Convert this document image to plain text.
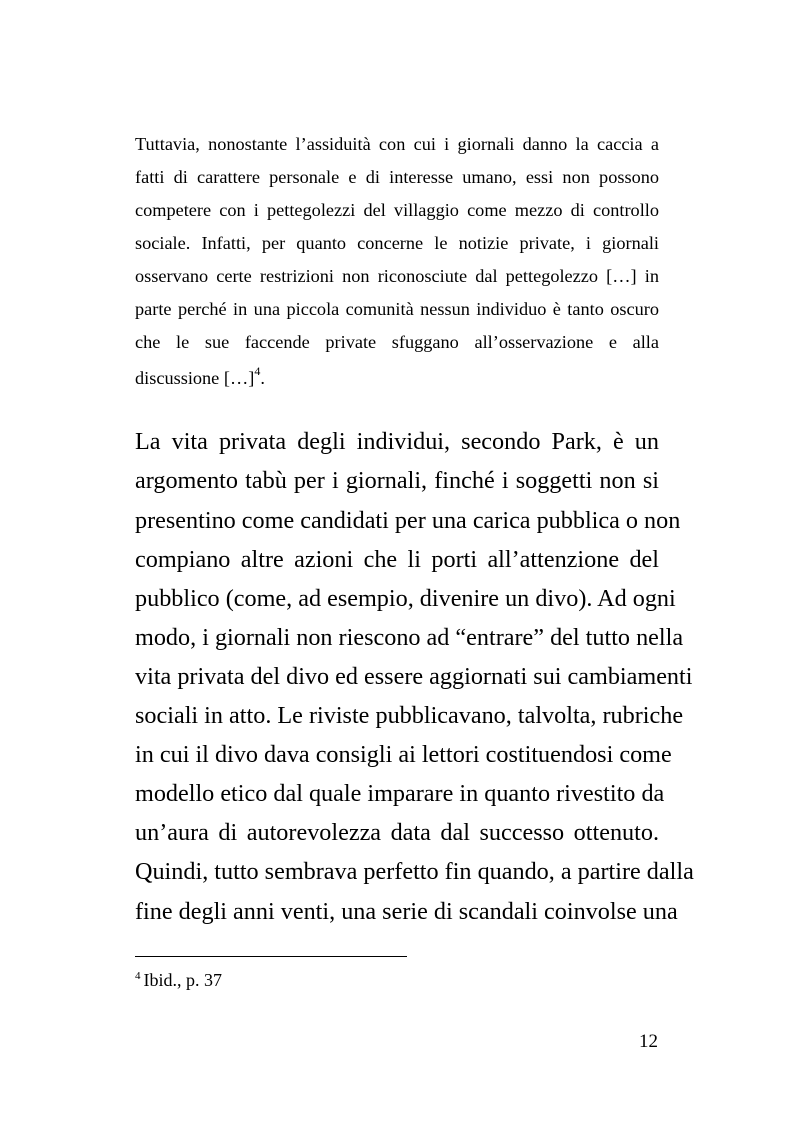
Tuttavia, nonostante l’assiduità con cui i giornali danno la caccia a
fatti di carattere personale e di interesse umano, essi non possono
competere con i pettegolezzi del villaggio come mezzo di controllo
sociale. Infatti, per quanto concerne le notizie private, i giornali
osservano certe restrizioni non riconosciute dal pettegolezzo […] in
parte perché in una piccola comunità nessun individuo è tanto oscuro
che le sue faccende private sfuggano all’osservazione e alla
discussione […]$^4$.
La vita privata degli individui, secondo Park, è un
argomento tabù per i giornali, finché i soggetti non si
presentino come candidati per una carica pubblica o non
compiano altre azioni che li porti all’attenzione del
pubblico (come, ad esempio, divenire un divo). Ad ogni
modo, i giornali non riescono ad “entrare” del tutto nella
vita privata del divo ed essere aggiornati sui cambiamenti
sociali in atto. Le riviste pubblicavano, talvolta, rubriche
in cui il divo dava consigli ai lettori costituendosi come
modello etico dal quale imparare in quanto rivestito da
un’aura di autorevolezza data dal successo ottenuto.
Quindi, tutto sembrava perfetto fin quando, a partire dalla
fine degli anni venti, una serie di scandali coinvolse una
$^4$ Ibid., p. 37
12
